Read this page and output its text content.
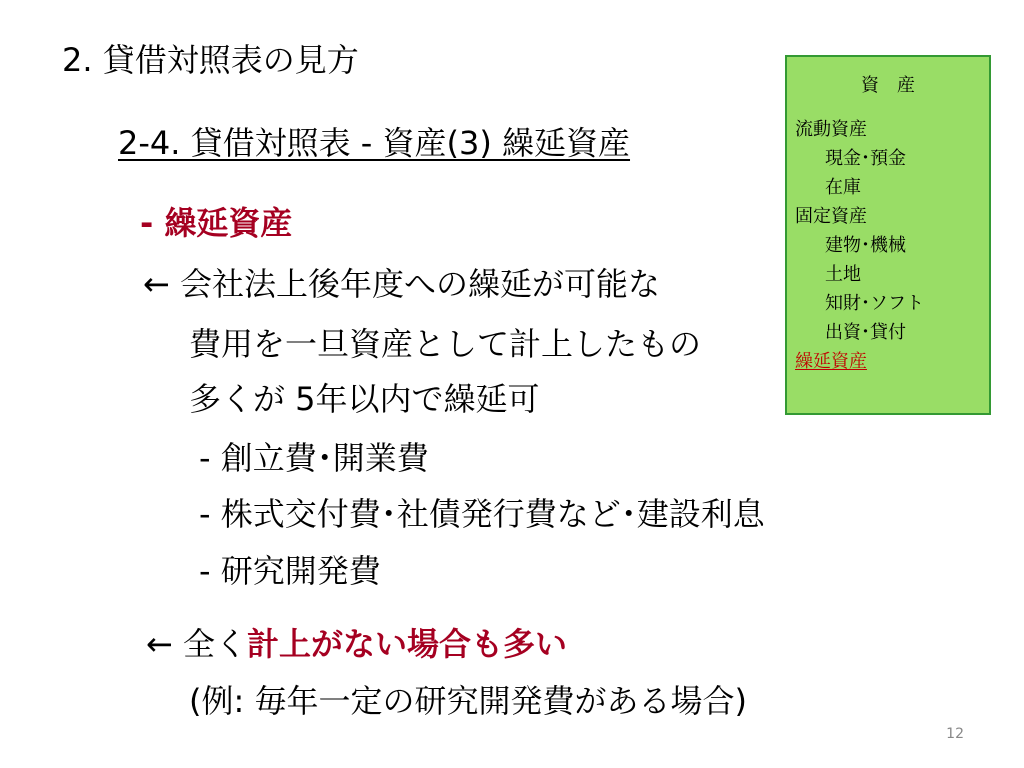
2. 貸借対照表の見方
2-4. 貸借対照表 - 資産(3) 繰延資産
- 繰延資産
← 会社法上後年度への繰延が可能な
費用を一旦資産として計上したもの
多くが 5年以内で繰延可
- 創立費･開業費
- 株式交付費･社債発行費など･建設利息
- 研究開発費
← 全く計上がない場合も多い
(例: 毎年一定の研究開発費がある場合)
資　産
流動資産
現金･預金
在庫
固定資産
建物･機械
土地
知財･ソフト
出資･貸付
繰延資産
12
